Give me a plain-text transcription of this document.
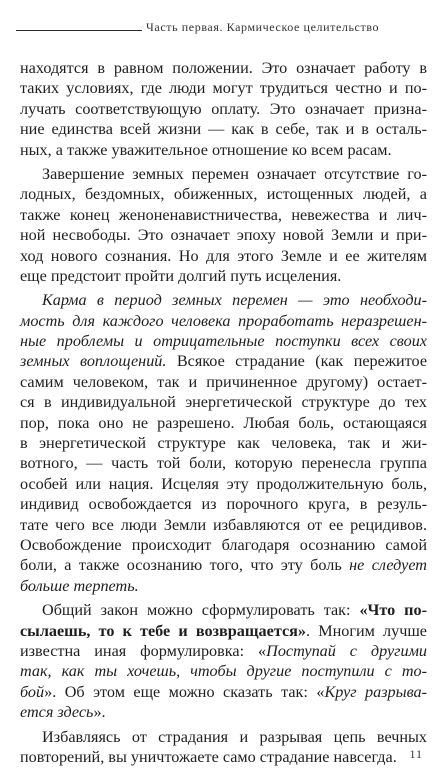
Часть первая. Кармическое целительство
находятся в равном положении. Это означает работу в
таких условиях, где люди могут трудиться честно и по-
лучать соответствующую оплату. Это означает призна-
ние единства всей жизни — как в себе, так и в осталь-
ных, а также уважительное отношение ко всем расам.
Завершение земных перемен означает отсутствие го-
лодных, бездомных, обиженных, истощенных людей, а
также конец женоненавистничества, невежества и лич-
ной несвободы. Это означает эпоху новой Земли и при-
ход нового сознания. Но для этого Земле и ее жителям
еще предстоит пройти долгий путь исцеления.
Карма в период земных перемен — это необходи-
мость для каждого человека проработать неразрешен-
ные проблемы и отрицательные поступки всех своих
земных воплощений. Всякое страдание (как пережитое
самим человеком, так и причиненное другому) остает-
ся в индивидуальной энергетической структуре до тех
пор, пока оно не разрешено. Любая боль, остающаяся
в энергетической структуре как человека, так и жи-
вотного, — часть той боли, которую перенесла группа
особей или нация. Исцеляя эту продолжительную боль,
индивид освобождается из порочного круга, в резуль-
тате чего все люди Земли избавляются от ее рецидивов.
Освобождение происходит благодаря осознанию самой
боли, а также осознанию того, что эту боль не следует
больше терпеть.
Общий закон можно сформулировать так: «Что по-
сылаешь, то к тебе и возвращается». Многим лучше
известна иная формулировка: «Поступай с другими
так, как ты хочешь, чтобы другие поступили с то-
бой». Об этом еще можно сказать так: «Круг разрыва-
ется здесь».
Избавляясь от страдания и разрывая цепь вечных
повторений, вы уничтожаете само страдание навсегда.	11
